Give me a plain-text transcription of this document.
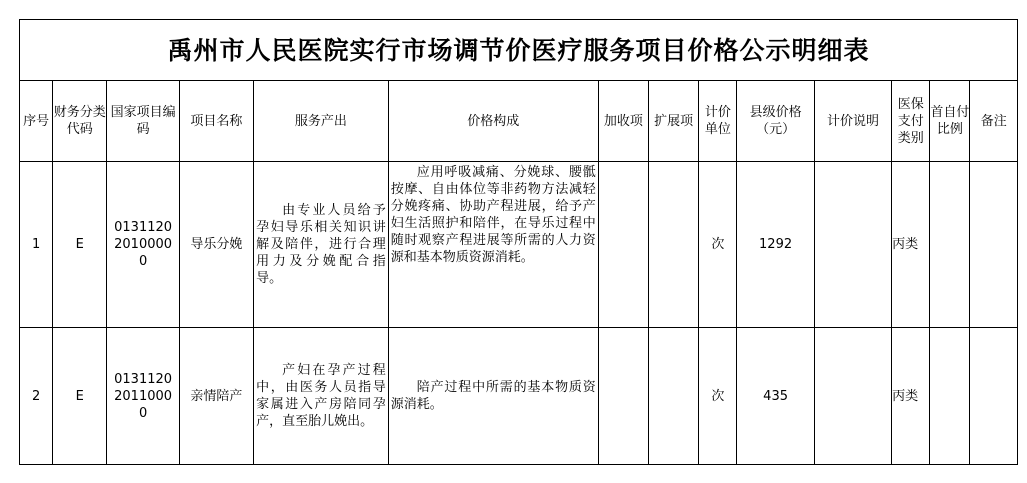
禹州市人民医院实行市场调节价医疗服务项目价格公示明细表													
序号	财务分类代码	国家项目编码	项目名称	服务产出	价格构成	加收项	扩展项	计价单位	县级价格（元）	计价说明	医保支付类别	首自付比例	备注
1	E	013112020100000	导乐分娩	由专业人员给予孕妇导乐相关知识讲解及陪伴，进行合理用力及分娩配合指导。	应用呼吸减痛、分娩球、腰骶按摩、自由体位等非药物方法减轻分娩疼痛、协助产程进展，给予产妇生活照护和陪伴，在导乐过程中随时观察产程进展等所需的人力资源和基本物质资源消耗。			次	1292		丙类		
2	E	013112020110000	亲情陪产	产妇在孕产过程中，由医务人员指导家属进入产房陪同孕产，直至胎儿娩出。	陪产过程中所需的基本物质资源消耗。			次	435		丙类		
